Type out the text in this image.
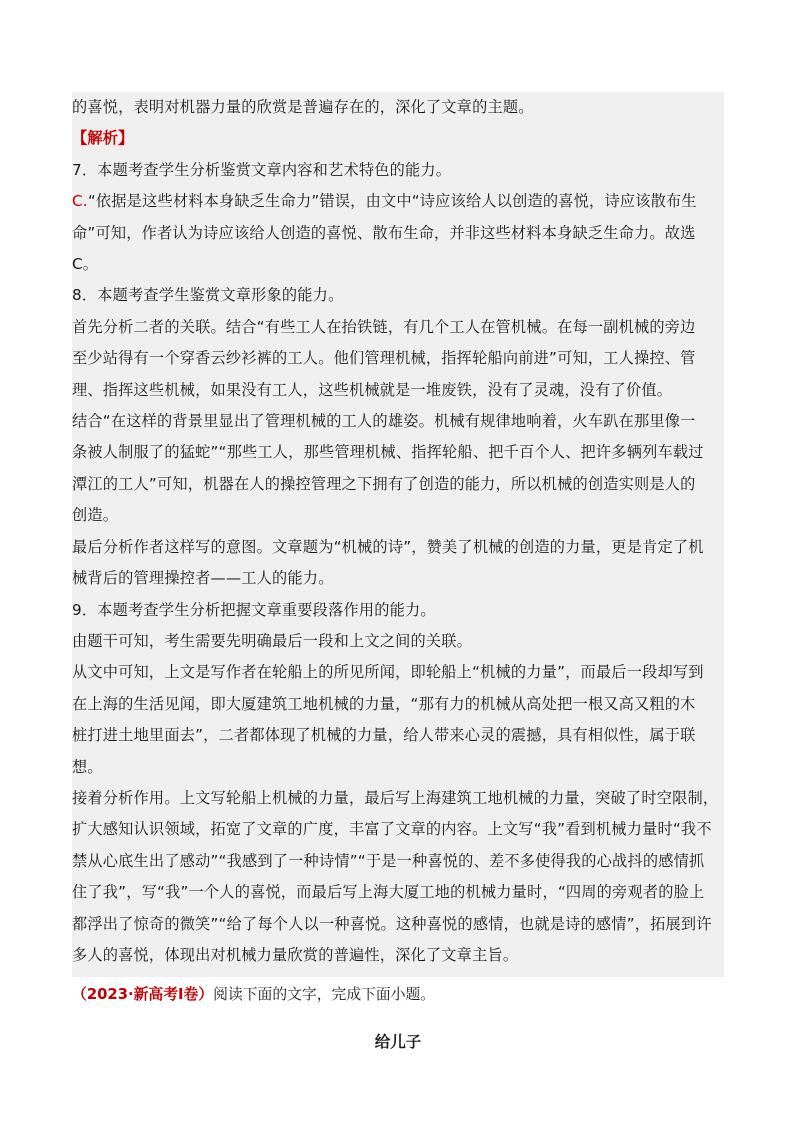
的喜悦，表明对机器力量的欣赏是普遍存在的，深化了文章的主题。
【解析】
7．本题考查学生分析鉴赏文章内容和艺术特色的能力。
C.“依据是这些材料本身缺乏生命力”错误，由文中“诗应该给人以创造的喜悦，诗应该散布生
命”可知，作者认为诗应该给人创造的喜悦、散布生命，并非这些材料本身缺乏生命力。故选
C。
8．本题考查学生鉴赏文章形象的能力。
首先分析二者的关联。结合“有些工人在抬铁链，有几个工人在管机械。在每一副机械的旁边
至少站得有一个穿香云纱衫裤的工人。他们管理机械，指挥轮船向前进”可知，工人操控、管
理、指挥这些机械，如果没有工人，这些机械就是一堆废铁，没有了灵魂，没有了价值。
结合“在这样的背景里显出了管理机械的工人的雄姿。机械有规律地响着，火车趴在那里像一
条被人制服了的猛蛇”“那些工人，那些管理机械、指挥轮船、把千百个人、把许多辆列车载过
潭江的工人”可知，机器在人的操控管理之下拥有了创造的能力，所以机械的创造实则是人的
创造。
最后分析作者这样写的意图。文章题为“机械的诗”，赞美了机械的创造的力量，更是肯定了机
械背后的管理操控者——工人的能力。
9．本题考查学生分析把握文章重要段落作用的能力。
由题干可知，考生需要先明确最后一段和上文之间的关联。
从文中可知，上文是写作者在轮船上的所见所闻，即轮船上“机械的力量”，而最后一段却写到
在上海的生活见闻，即大厦建筑工地机械的力量，“那有力的机械从高处把一根又高又粗的木
桩打进土地里面去”，二者都体现了机械的力量，给人带来心灵的震撼，具有相似性，属于联
想。
接着分析作用。上文写轮船上机械的力量，最后写上海建筑工地机械的力量，突破了时空限制，
扩大感知认识领域，拓宽了文章的广度，丰富了文章的内容。上文写“我”看到机械力量时“我不
禁从心底生出了感动”“我感到了一种诗情”“于是一种喜悦的、差不多使得我的心战抖的感情抓
住了我”，写“我”一个人的喜悦，而最后写上海大厦工地的机械力量时，“四周的旁观者的脸上
都浮出了惊奇的微笑”“给了每个人以一种喜悦。这种喜悦的感情，也就是诗的感情”，拓展到许
多人的喜悦，体现出对机械力量欣赏的普遍性，深化了文章主旨。
（2023·新高考Ⅰ卷）阅读下面的文字，完成下面小题。
给儿子
